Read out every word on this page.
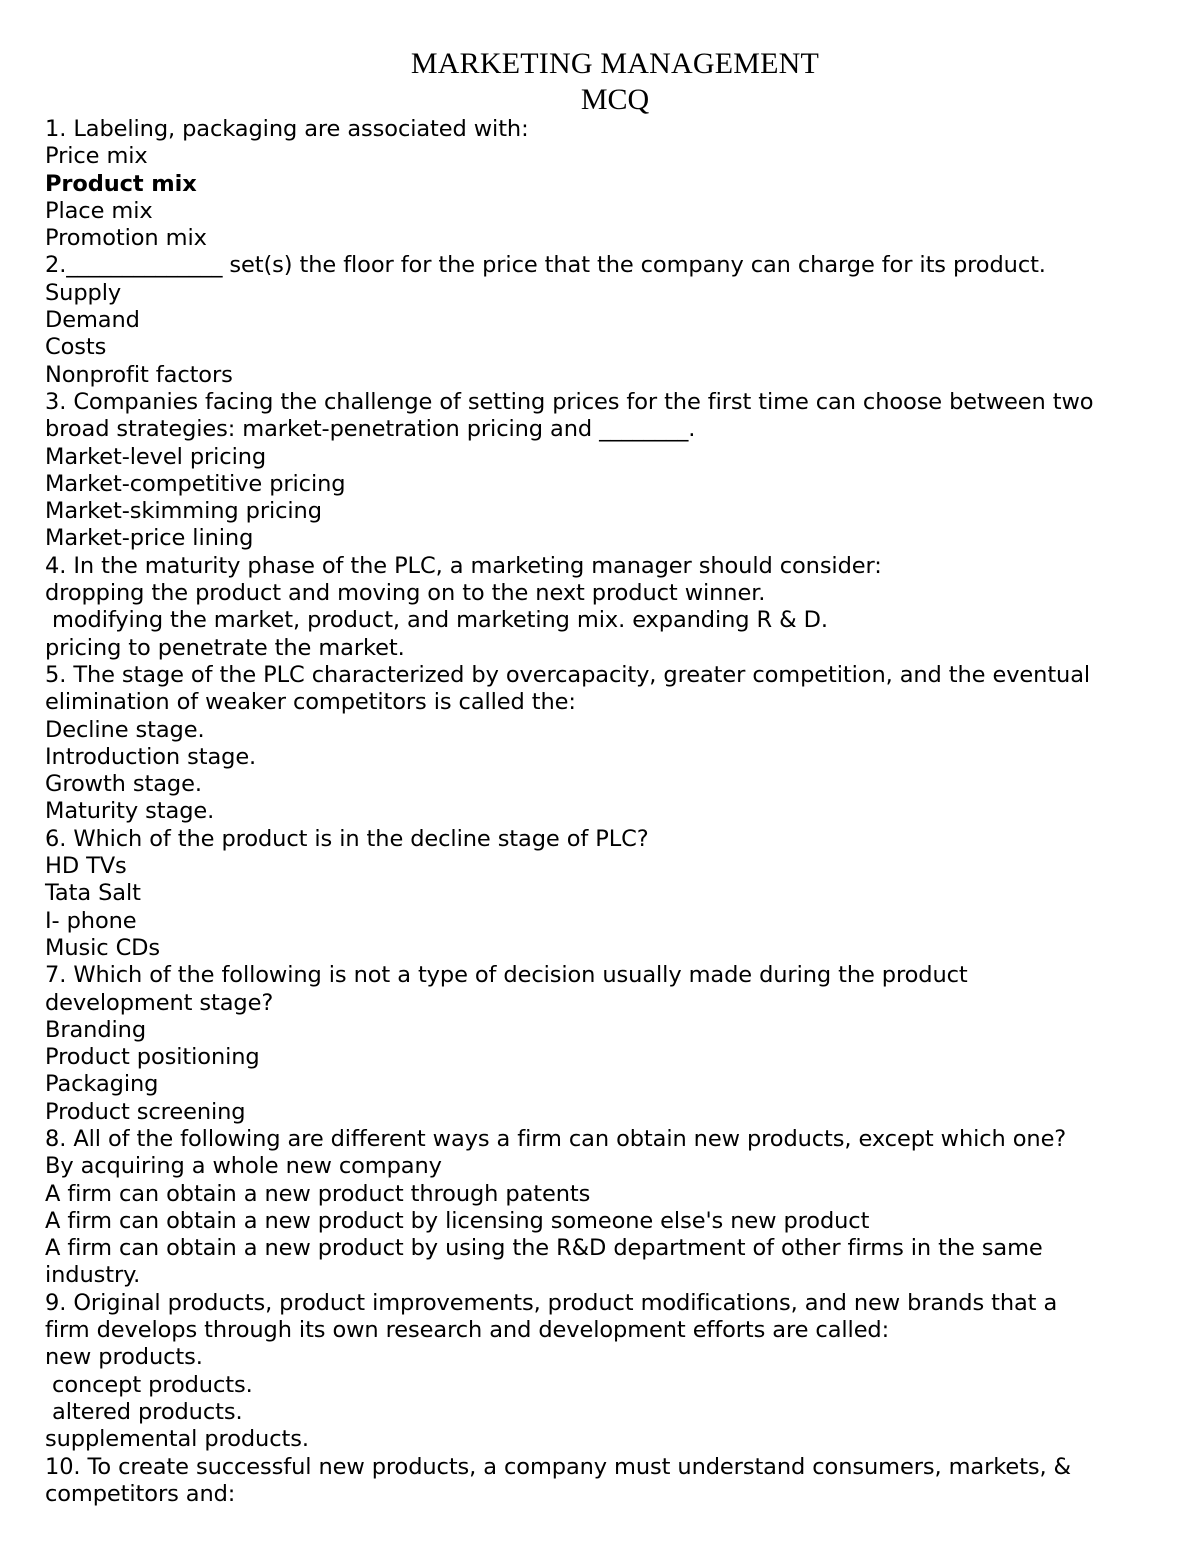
MARKETING MANAGEMENT
MCQ
1. Labeling, packaging are associated with:
Price mix
Product mix
Place mix
Promotion mix
2.______________ set(s) the floor for the price that the company can charge for its product.
Supply
Demand
Costs
Nonprofit factors
3. Companies facing the challenge of setting prices for the first time can choose between two
broad strategies: market-penetration pricing and ________.
Market-level pricing
Market-competitive pricing
Market-skimming pricing
Market-price lining
4. In the maturity phase of the PLC, a marketing manager should consider:
dropping the product and moving on to the next product winner.
modifying the market, product, and marketing mix. expanding R & D.
pricing to penetrate the market.
5. The stage of the PLC characterized by overcapacity, greater competition, and the eventual
elimination of weaker competitors is called the:
Decline stage.
Introduction stage.
Growth stage.
Maturity stage.
6. Which of the product is in the decline stage of PLC?
HD TVs
Tata Salt
I- phone
Music CDs
7. Which of the following is not a type of decision usually made during the product
development stage?
Branding
Product positioning
Packaging
Product screening
8. All of the following are different ways a firm can obtain new products, except which one?
By acquiring a whole new company
A firm can obtain a new product through patents
A firm can obtain a new product by licensing someone else's new product
A firm can obtain a new product by using the R&D department of other firms in the same
industry.
9. Original products, product improvements, product modifications, and new brands that a
firm develops through its own research and development efforts are called:
new products.
concept products.
altered products.
supplemental products.
10. To create successful new products, a company must understand consumers, markets, &
competitors and:
